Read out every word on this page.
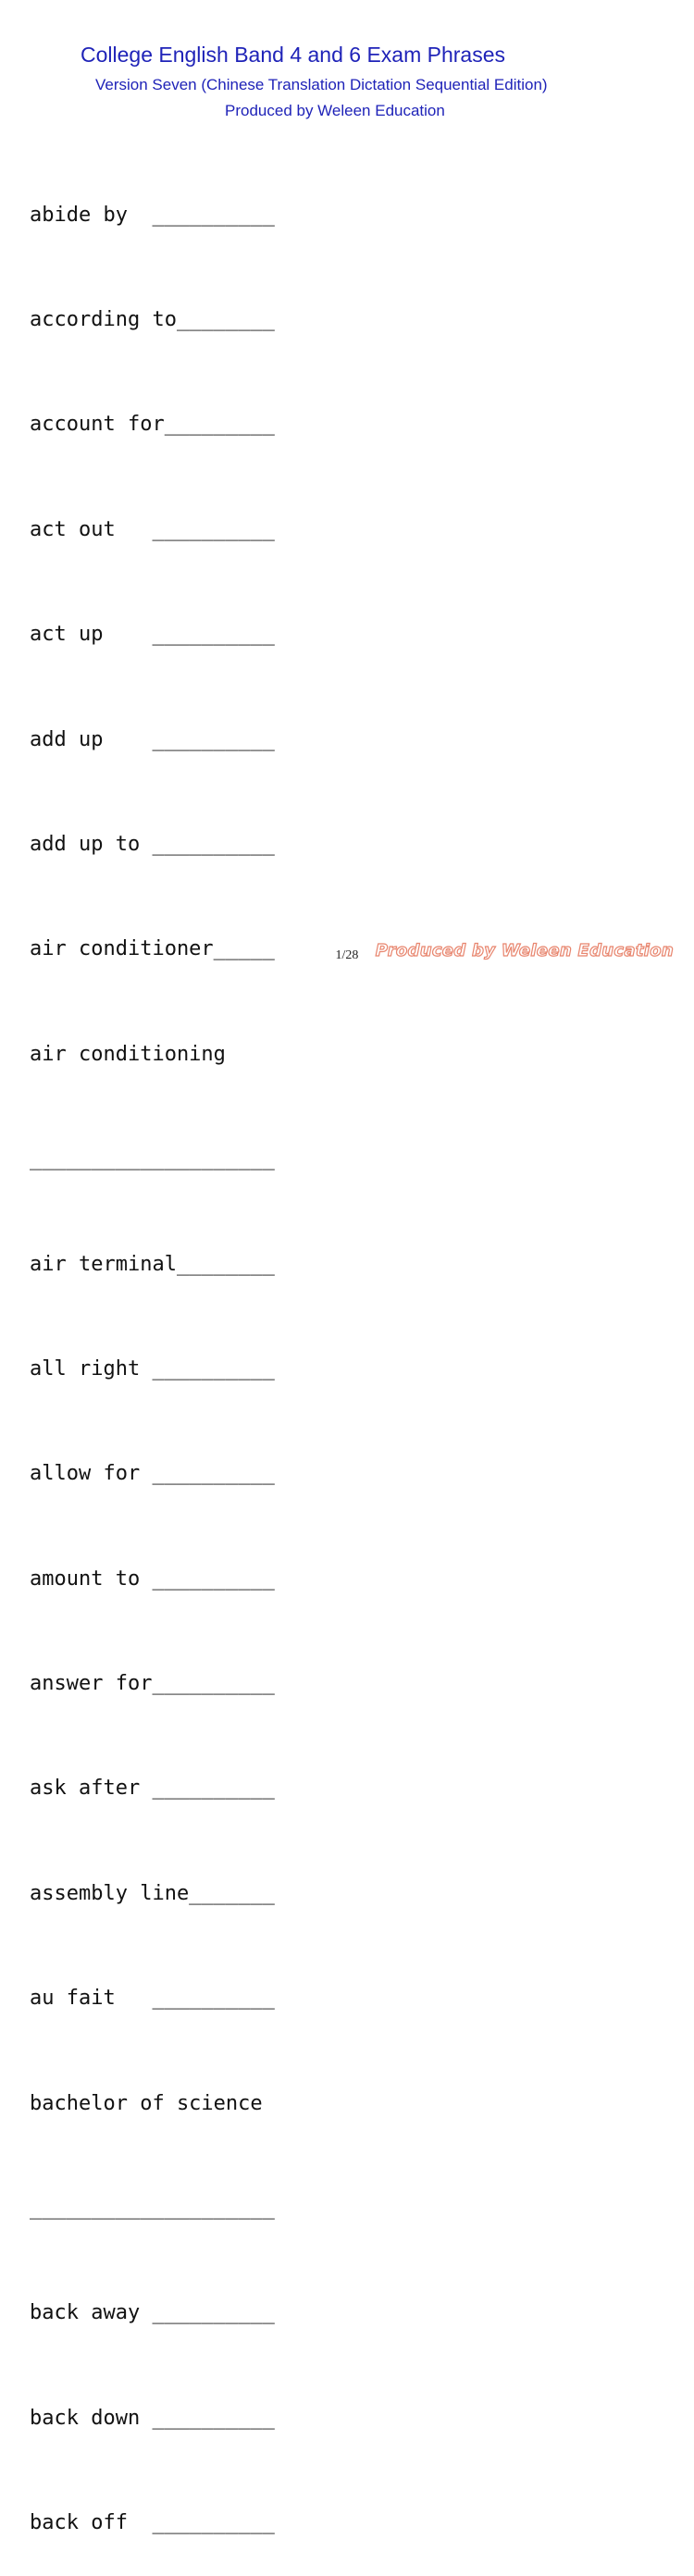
College English Band 4 and 6 Exam Phrases
Version Seven (Chinese Translation Dictation Sequential Edition)
Produced by Weleen Education

abide by  __________

according to________

account for_________

act out   __________

act up    __________

add up    __________

add up to __________

air conditioner_____

air conditioning

____________________

air terminal________

all right __________

allow for __________

amount to __________

answer for__________

ask after __________

assembly line_______

au fait   __________

bachelor of science

____________________

back away __________

back down __________

back off  __________

1/28	Produced by Weleen Education
